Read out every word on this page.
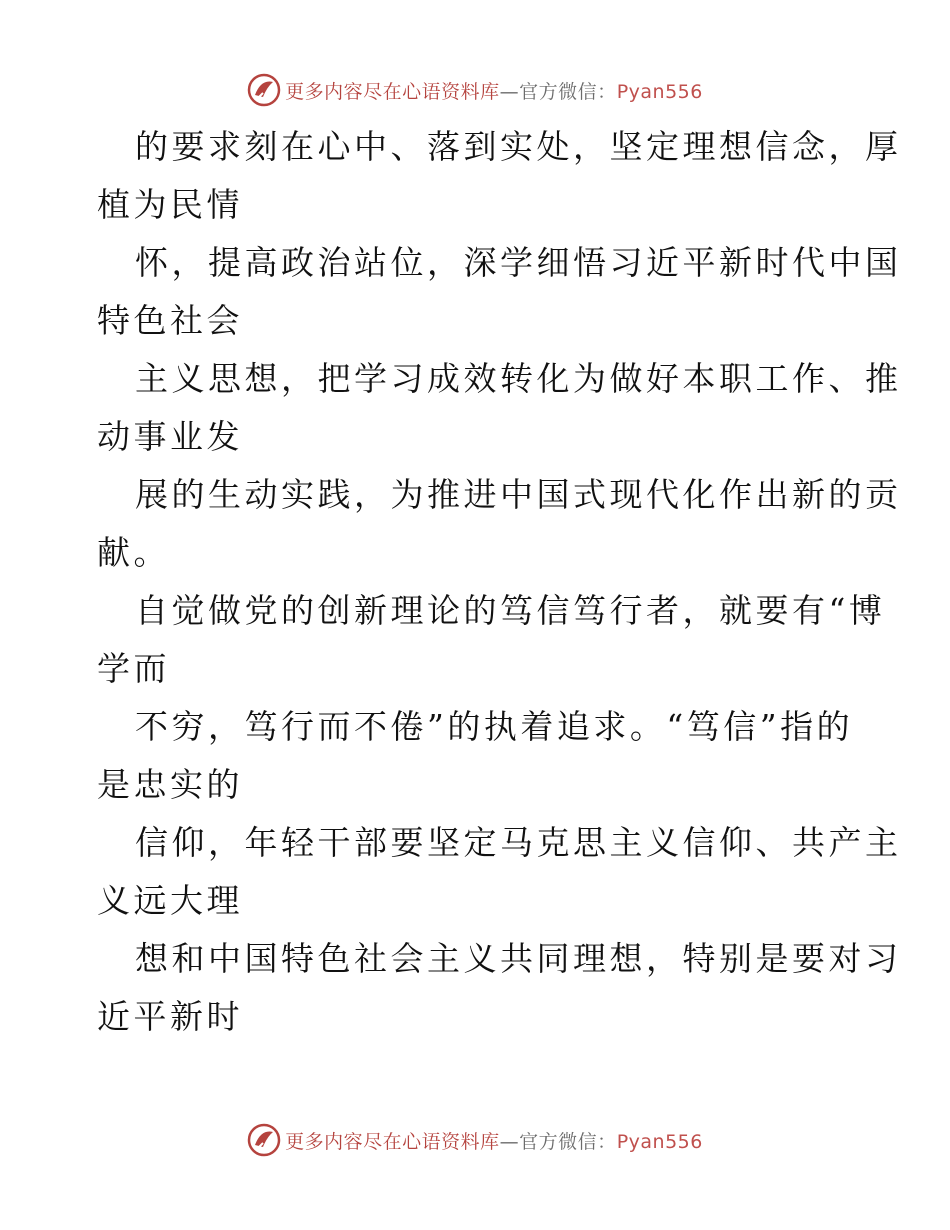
更多内容尽在心语资料库—官方微信：Pyan556
的要求刻在心中、落到实处，坚定理想信念，厚
植为民情
怀，提高政治站位，深学细悟习近平新时代中国
特色社会
主义思想，把学习成效转化为做好本职工作、推
动事业发
展的生动实践，为推进中国式现代化作出新的贡
献。
自觉做党的创新理论的笃信笃行者，就要有“博
学而
不穷，笃行而不倦”的执着追求。“笃信”指的
是忠实的
信仰，年轻干部要坚定马克思主义信仰、共产主
义远大理
想和中国特色社会主义共同理想，特别是要对习
近平新时
更多内容尽在心语资料库—官方微信：Pyan556
